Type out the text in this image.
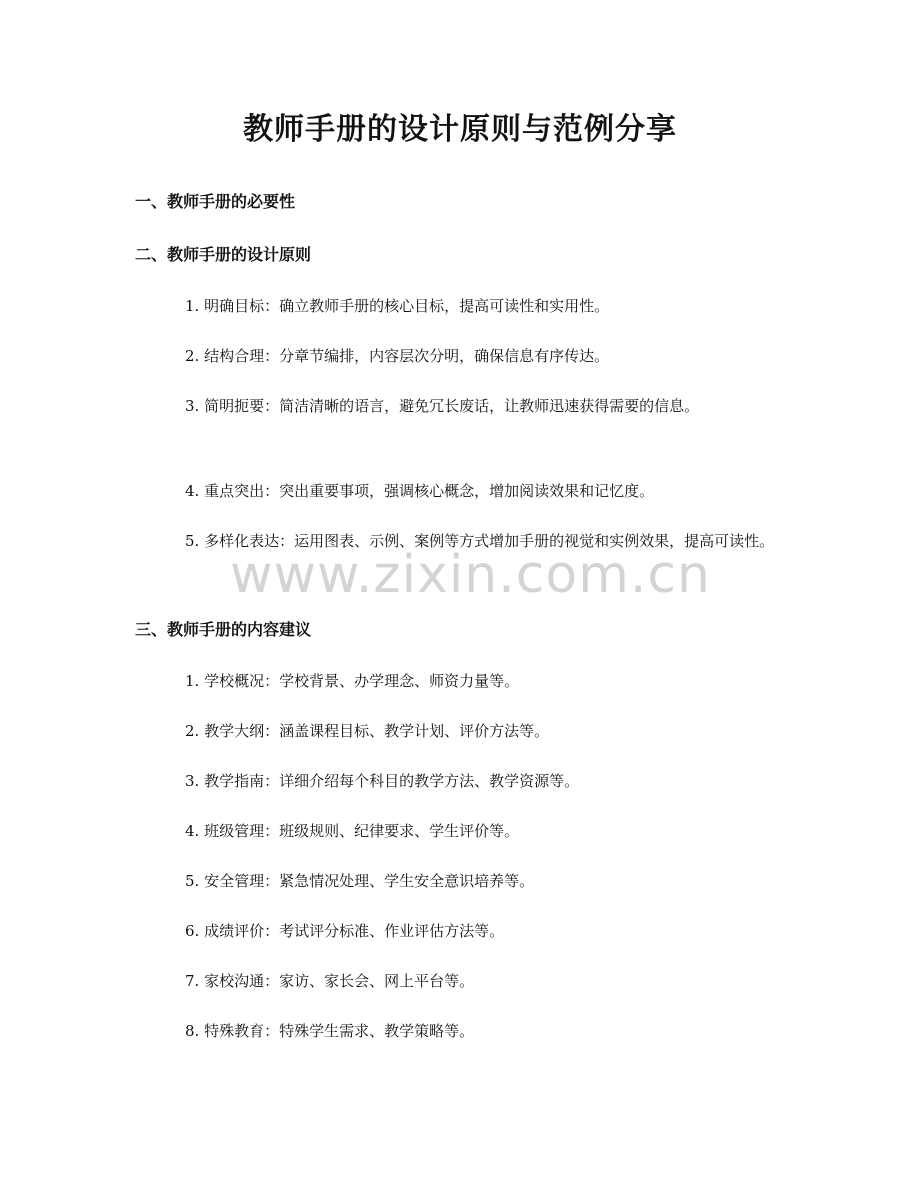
教师手册的设计原则与范例分享
一、教师手册的必要性
二、教师手册的设计原则
1. 明确目标：确立教师手册的核心目标，提高可读性和实用性。
2. 结构合理：分章节编排，内容层次分明，确保信息有序传达。
3. 简明扼要：简洁清晰的语言，避免冗长废话，让教师迅速获得需要的信息。
4. 重点突出：突出重要事项，强调核心概念，增加阅读效果和记忆度。
5. 多样化表达：运用图表、示例、案例等方式增加手册的视觉和实例效果，提高可读性。
www.zixin.com.cn
三、教师手册的内容建议
1. 学校概况：学校背景、办学理念、师资力量等。
2. 教学大纲：涵盖课程目标、教学计划、评价方法等。
3. 教学指南：详细介绍每个科目的教学方法、教学资源等。
4. 班级管理：班级规则、纪律要求、学生评价等。
5. 安全管理：紧急情况处理、学生安全意识培养等。
6. 成绩评价：考试评分标准、作业评估方法等。
7. 家校沟通：家访、家长会、网上平台等。
8. 特殊教育：特殊学生需求、教学策略等。
